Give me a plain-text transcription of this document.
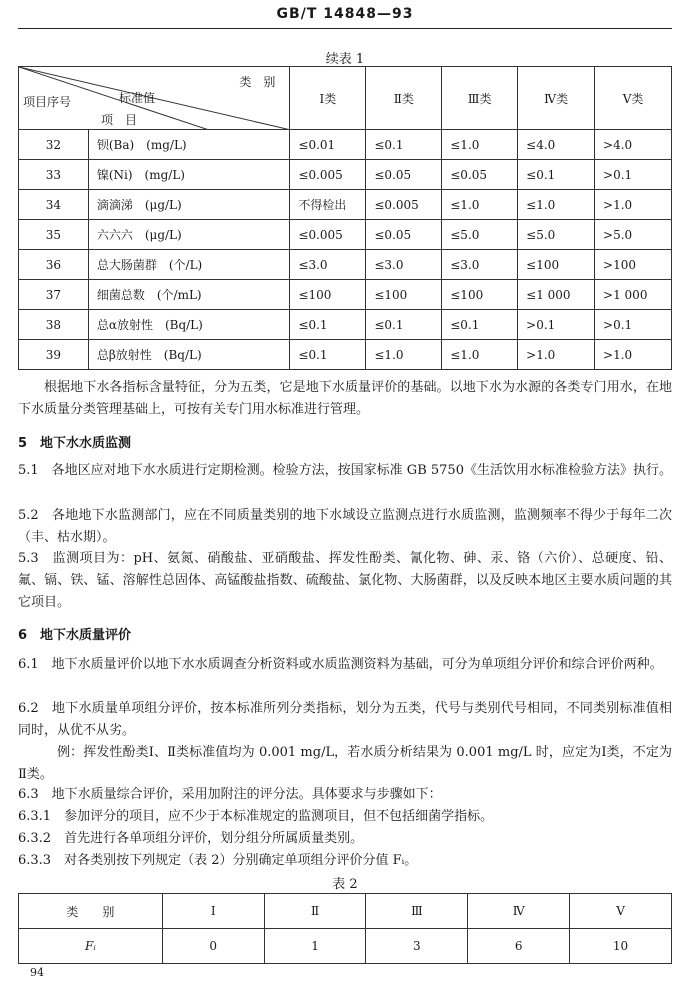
GB/T 14848—93
续表 1
类　别
标准值
项目序号
项　目		Ⅰ类	Ⅱ类	Ⅲ类	Ⅳ类	Ⅴ类
32	钡(Ba)　(mg/L)	≤0.01	≤0.1	≤1.0	≤4.0	>4.0
33	镍(Ni)　(mg/L)	≤0.005	≤0.05	≤0.05	≤0.1	>0.1
34	滴滴涕　(μg/L)	不得检出	≤0.005	≤1.0	≤1.0	>1.0
35	六六六　(μg/L)	≤0.005	≤0.05	≤5.0	≤5.0	>5.0
36	总大肠菌群　(个/L)	≤3.0	≤3.0	≤3.0	≤100	>100
37	细菌总数　(个/mL)	≤100	≤100	≤100	≤1 000	>1 000
38	总α放射性　(Bq/L)	≤0.1	≤0.1	≤0.1	>0.1	>0.1
39	总β放射性　(Bq/L)	≤0.1	≤1.0	≤1.0	>1.0	>1.0
根据地下水各指标含量特征，分为五类，它是地下水质量评价的基础。以地下水为水源的各类专门用水，在地下水质量分类管理基础上，可按有关专门用水标准进行管理。
5　地下水水质监测
5.1　各地区应对地下水水质进行定期检测。检验方法，按国家标准 GB 5750《生活饮用水标准检验方法》执行。
5.2　各地地下水监测部门，应在不同质量类别的地下水域设立监测点进行水质监测，监测频率不得少于每年二次（丰、枯水期）。
5.3　监测项目为：pH、氨氮、硝酸盐、亚硝酸盐、挥发性酚类、氰化物、砷、汞、铬（六价）、总硬度、铅、氟、镉、铁、锰、溶解性总固体、高锰酸盐指数、硫酸盐、氯化物、大肠菌群，以及反映本地区主要水质问题的其它项目。
6　地下水质量评价
6.1　地下水质量评价以地下水水质调查分析资料或水质监测资料为基础，可分为单项组分评价和综合评价两种。
6.2　地下水质量单项组分评价，按本标准所列分类指标，划分为五类，代号与类别代号相同，不同类别标准值相同时，从优不从劣。
例：挥发性酚类Ⅰ、Ⅱ类标准值均为 0.001 mg/L，若水质分析结果为 0.001 mg/L 时，应定为Ⅰ类，不定为Ⅱ类。
6.3　地下水质量综合评价，采用加附注的评分法。具体要求与步骤如下：
6.3.1　参加评分的项目，应不少于本标准规定的监测项目，但不包括细菌学指标。
6.3.2　首先进行各单项组分评价，划分组分所属质量类别。
6.3.3　对各类别按下列规定（表 2）分别确定单项组分评价分值 Fᵢ。
表 2
类　　别	Ⅰ	Ⅱ	Ⅲ	Ⅳ	Ⅴ
Fᵢ	0	1	3	6	10
94
